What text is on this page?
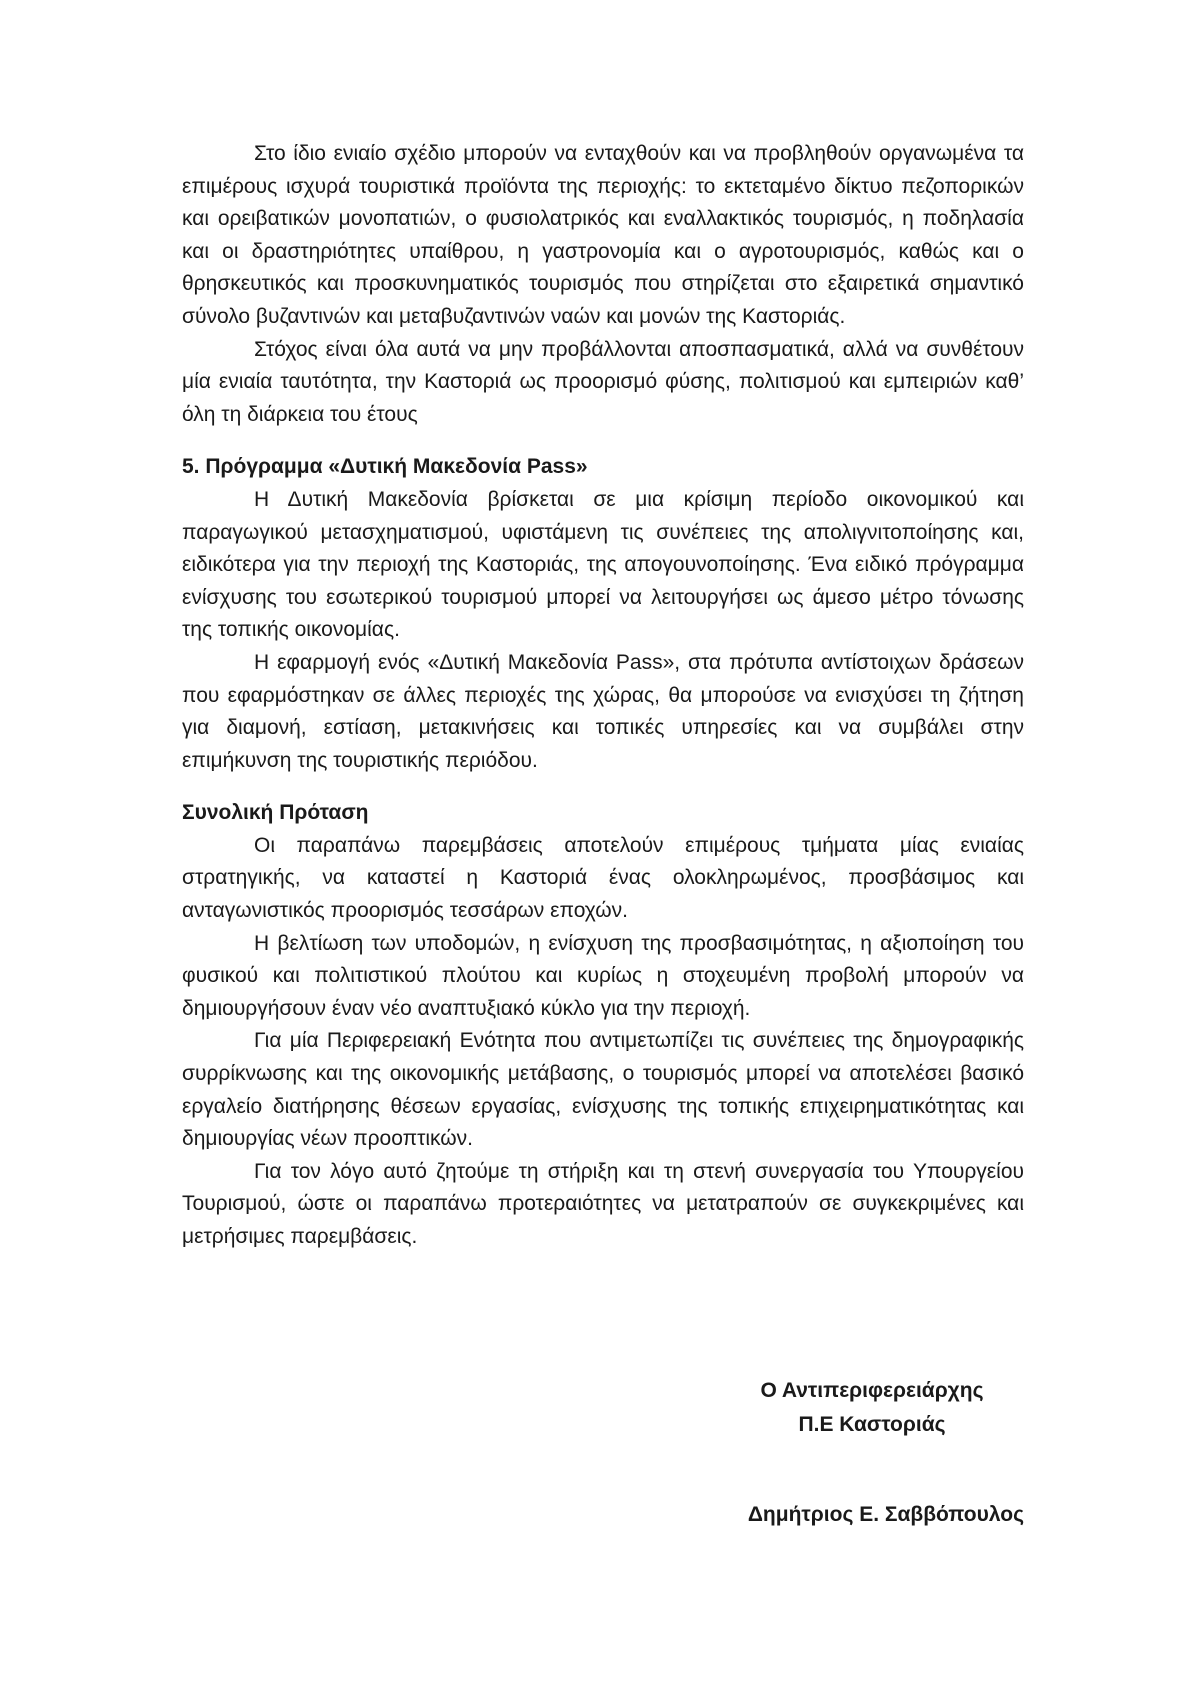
Στο ίδιο ενιαίο σχέδιο μπορούν να ενταχθούν και να προβληθούν οργανωμένα τα επιμέρους ισχυρά τουριστικά προϊόντα της περιοχής: το εκτεταμένο δίκτυο πεζοπορικών και ορειβατικών μονοπατιών, ο φυσιολατρικός και εναλλακτικός τουρισμός, η ποδηλασία και οι δραστηριότητες υπαίθρου, η γαστρονομία και ο αγροτουρισμός, καθώς και ο θρησκευτικός και προσκυνηματικός τουρισμός που στηρίζεται στο εξαιρετικά σημαντικό σύνολο βυζαντινών και μεταβυζαντινών ναών και μονών της Καστοριάς.

Στόχος είναι όλα αυτά να μην προβάλλονται αποσπασματικά, αλλά να συνθέτουν μία ενιαία ταυτότητα, την Καστοριά ως προορισμό φύσης, πολιτισμού και εμπειριών καθ’ όλη τη διάρκεια του έτους

5. Πρόγραμμα «Δυτική Μακεδονία Pass»

Η Δυτική Μακεδονία βρίσκεται σε μια κρίσιμη περίοδο οικονομικού και παραγωγικού μετασχηματισμού, υφιστάμενη τις συνέπειες της απολιγνιτοποίησης και, ειδικότερα για την περιοχή της Καστοριάς, της απογουνοποίησης. Ένα ειδικό πρόγραμμα ενίσχυσης του εσωτερικού τουρισμού μπορεί να λειτουργήσει ως άμεσο μέτρο τόνωσης της τοπικής οικονομίας.

Η εφαρμογή ενός «Δυτική Μακεδονία Pass», στα πρότυπα αντίστοιχων δράσεων που εφαρμόστηκαν σε άλλες περιοχές της χώρας, θα μπορούσε να ενισχύσει τη ζήτηση για διαμονή, εστίαση, μετακινήσεις και τοπικές υπηρεσίες και να συμβάλει στην επιμήκυνση της τουριστικής περιόδου.

Συνολική Πρόταση

Οι παραπάνω παρεμβάσεις αποτελούν επιμέρους τμήματα μίας ενιαίας στρατηγικής, να καταστεί η Καστοριά ένας ολοκληρωμένος, προσβάσιμος και ανταγωνιστικός προορισμός τεσσάρων εποχών.

Η βελτίωση των υποδομών, η ενίσχυση της προσβασιμότητας, η αξιοποίηση του φυσικού και πολιτιστικού πλούτου και κυρίως η στοχευμένη προβολή μπορούν να δημιουργήσουν έναν νέο αναπτυξιακό κύκλο για την περιοχή.

Για μία Περιφερειακή Ενότητα που αντιμετωπίζει τις συνέπειες της δημογραφικής συρρίκνωσης και της οικονομικής μετάβασης, ο τουρισμός μπορεί να αποτελέσει βασικό εργαλείο διατήρησης θέσεων εργασίας, ενίσχυσης της τοπικής επιχειρηματικότητας και δημιουργίας νέων προοπτικών.

Για τον λόγο αυτό ζητούμε τη στήριξη και τη στενή συνεργασία του Υπουργείου Τουρισμού, ώστε οι παραπάνω προτεραιότητες να μετατραπούν σε συγκεκριμένες και μετρήσιμες παρεμβάσεις.

Ο Αντιπεριφερειάρχης
Π.Ε Καστοριάς
Δημήτριος Ε. Σαββόπουλος
